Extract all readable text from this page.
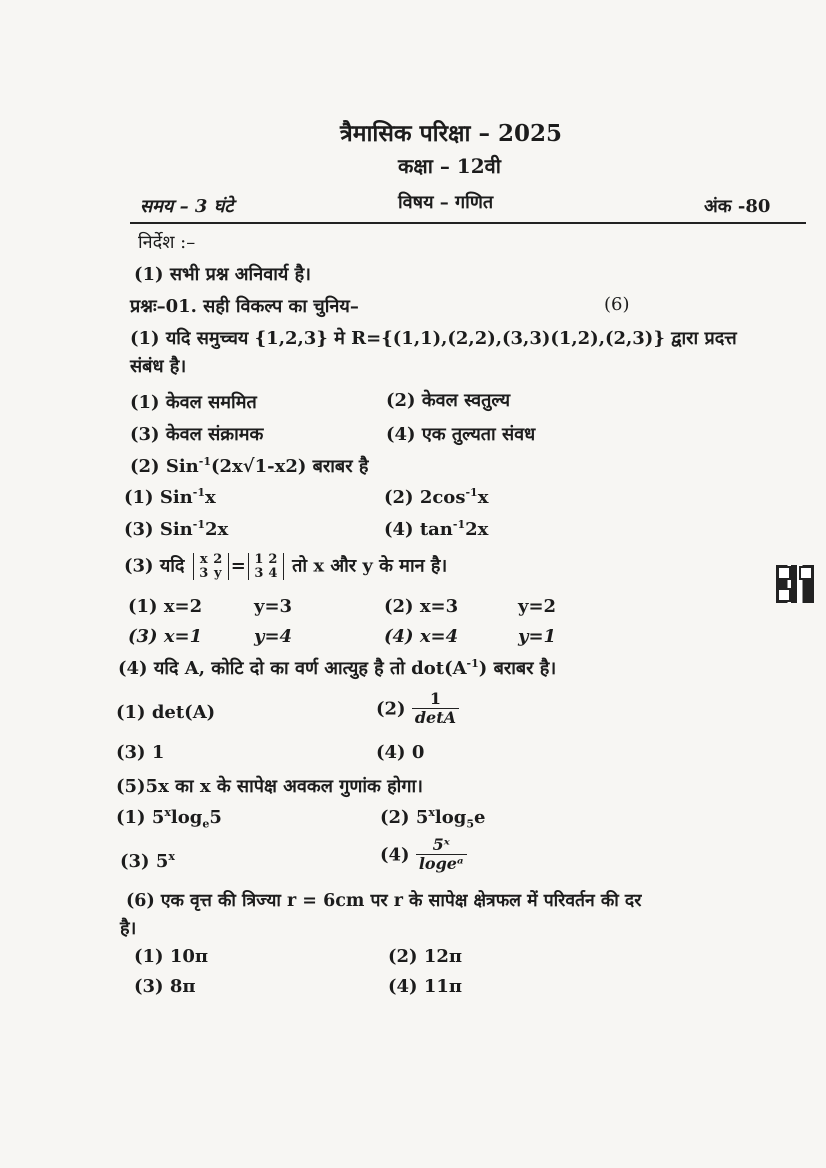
त्रैमासिक परिक्षा – 2025
कक्षा – 12वी
समय – 3 घंटे	विषय – गणित	अंक -80
निर्देश :–
(1) सभी प्रश्न अनिवार्य है।
प्रश्नः–01. सही विकल्प का चुनिय–	(6)
(1) यदि समुच्चय {1,2,3} मे R={(1,1),(2,2),(3,3)(1,2),(2,3)} द्वारा प्रदत्त
संबंध है।
(1) केवल सममित	(2) केवल स्वतुल्य
(3) केवल संक्रामक	(4) एक तुल्यता संवध
(2) Sin$^{-1}$(2x√1-x2) बराबर है
(1) Sin$^{-1}$x	(2) $2\cos^{-1}x$
(3) Sin$^{-1}$2x	(4) $\tan^{-1}2x$
(3) यदि x 2
3 y = 1 2
3 4 तो x और y के मान है।
(1) x=2	y=3	(2) x=3	y=2
(3) x=1	y=4	(4) x=4	y=1
(4) यदि A, कोटि दो का वर्ण आत्युह है तो $dot(A^{-1})$ बराबर है।
(1) det(A)	$(2) \frac{1}{\det A}$
(3) 1	(4) 0
(5)5x का x के सापेक्ष अवकल गुणांक होगा।
(1) $5^x\log_e5$	(2) $5^x\log_5e$
(3) 5$^x$	$(4) \frac{\text{5ˣ}}{\text{logeᵃ}}$
(6) एक वृत्त की त्रिज्या r = 6cm पर r के सापेक्ष क्षेत्रफल में परिवर्तन की दर
है।
(1) 10π	(2) 12π
(3) 8π	(4) 11π
